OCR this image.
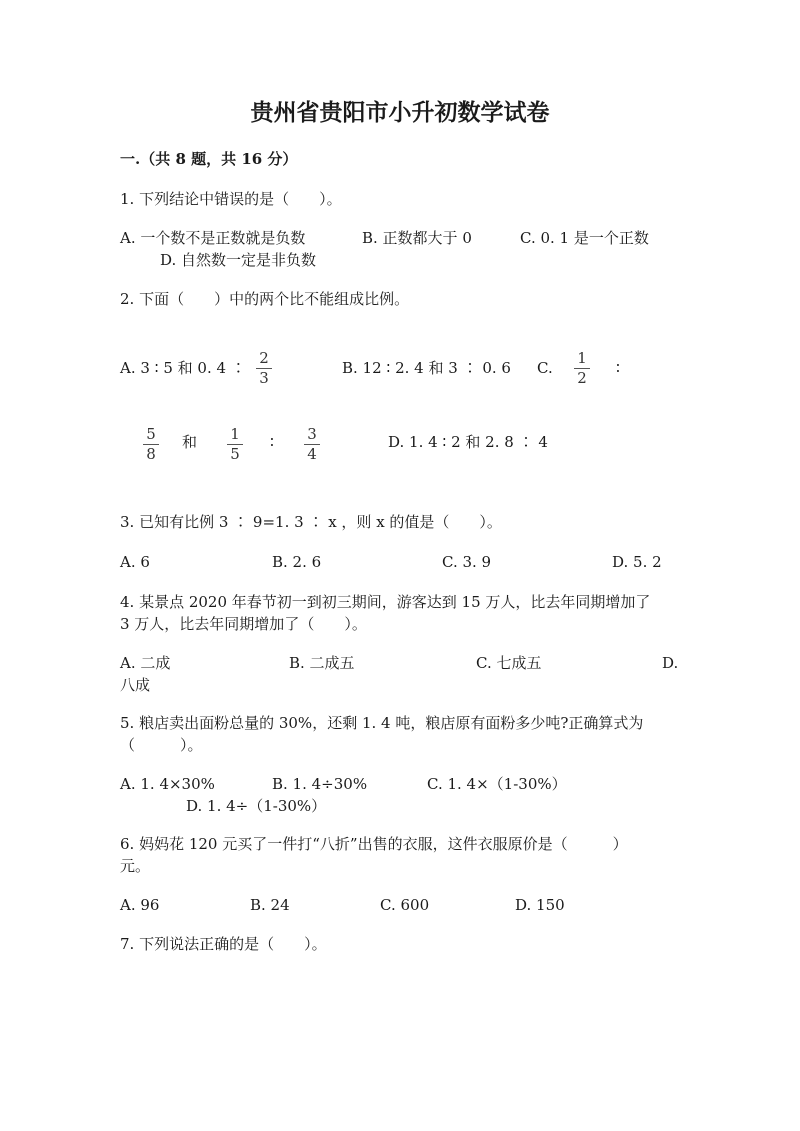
贵州省贵阳市小升初数学试卷
一.（共 8 题，共 16 分）
1. 下列结论中错误的是（　　）。
A. 一个数不是正数就是负数	B. 正数都大于 0	C. 0. 1 是一个正数
D. 自然数一定是非负数
2. 下面（　　）中的两个比不能组成比例。
A. 3 ∶ 5 和 0. 4 ∶
2
3
B. 12 ∶ 2. 4 和 3 ∶ 0. 6 C.
1
2
∶
5
8
和	1
5
∶	3
4
D. 1. 4 ∶ 2 和 2. 8 ∶ 4
3. 已知有比例 3 ∶ 9=1. 3 ∶ x ，则 x 的值是（　　）。
A. 6	B. 2. 6	C. 3. 9	D. 5. 2
4. 某景点 2020 年春节初一到初三期间，游客达到 15 万人，比去年同期增加了
3 万人，比去年同期增加了（　　）。
A. 二成	B. 二成五	C. 七成五	D.
八成
5. 粮店卖出面粉总量的 30%，还剩 1. 4 吨，粮店原有面粉多少吨?正确算式为
（　　　）。
A. 1. 4×30%	B. 1. 4÷30%	C. 1. 4×（1-30%）
D. 1. 4÷（1-30%）
6. 妈妈花 120 元买了一件打“八折”出售的衣服，这件衣服原价是（　　　）
元。
A. 96	B. 24	C. 600	D. 150
7. 下列说法正确的是（　　）。
